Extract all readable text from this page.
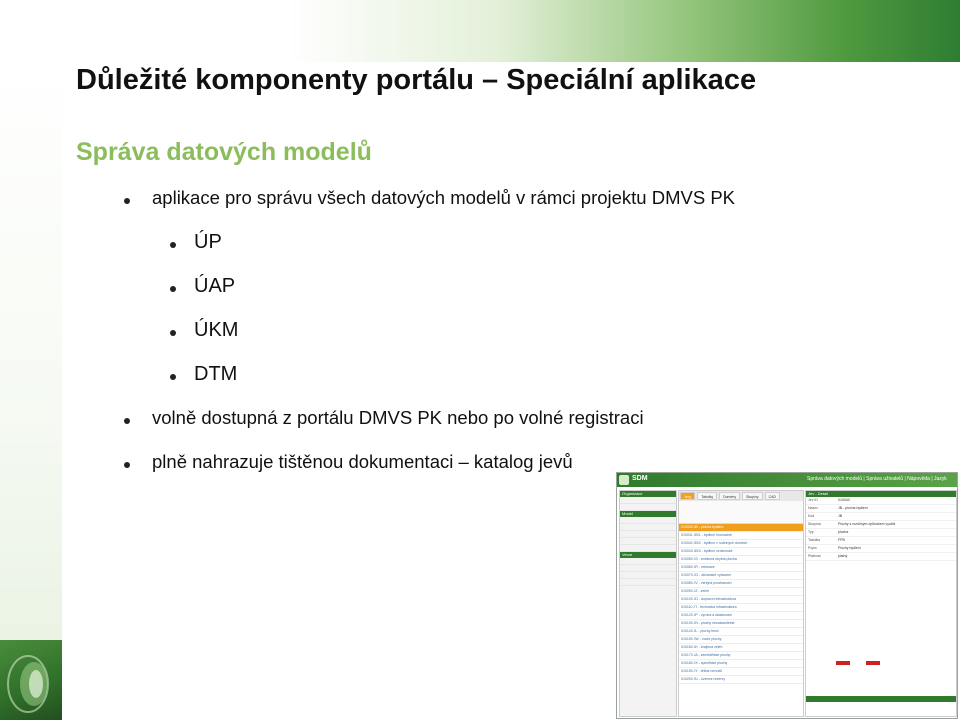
Důležité komponenty portálu – Speciální aplikace
Správa datových modelů
aplikace pro správu všech datových modelů v rámci projektu DMVS PK
ÚP
ÚAP
ÚKM
DTM
volně dostupná z portálu DMVS PK nebo po volné registraci
plně nahrazuje tištěnou dokumentaci – katalog jevů
SDM	Správa datových modelů | Správa uživatelů | Nápověda | Jazyk
Organizace
Model
Verze
Jevy	Tabulky	Domény	Skupiny	CAD
010040 JB - plocha bydlení
010041 JB/1 - bydlení hromadné
010042 JB/2 - bydlení v rodinných domech
010043 JB/3 - bydlení venkovské
010050 JS - smíšená obytná plocha
010060 JR - rekreace
010070 JO - občanské vybavení
010080 JV - veřejná prostranství
010090 JZ - zeleň
010100 JD - dopravní infrastruktura
010110 JT - technická infrastruktura
010120 JP - výroba a skladování
010130 JN - plochy nezastavitelné
010140 JL - plochy lesní
010150 JW - vodní plochy
010160 JK - krajinná zeleň
010170 JA - zemědělské plochy
010180 JX - specifické plochy
010190 JY - těžba nerostů
010200 JU - územní rezervy
Jev - Detail
Jev ID	010040
Název	JB - plocha bydlení
Kód	JB
Skupina	Plochy s rozdílným způsobem využití
Typ	plocha
Tabulka	FPB
Popis	Plochy bydlení
Platnost	platný
